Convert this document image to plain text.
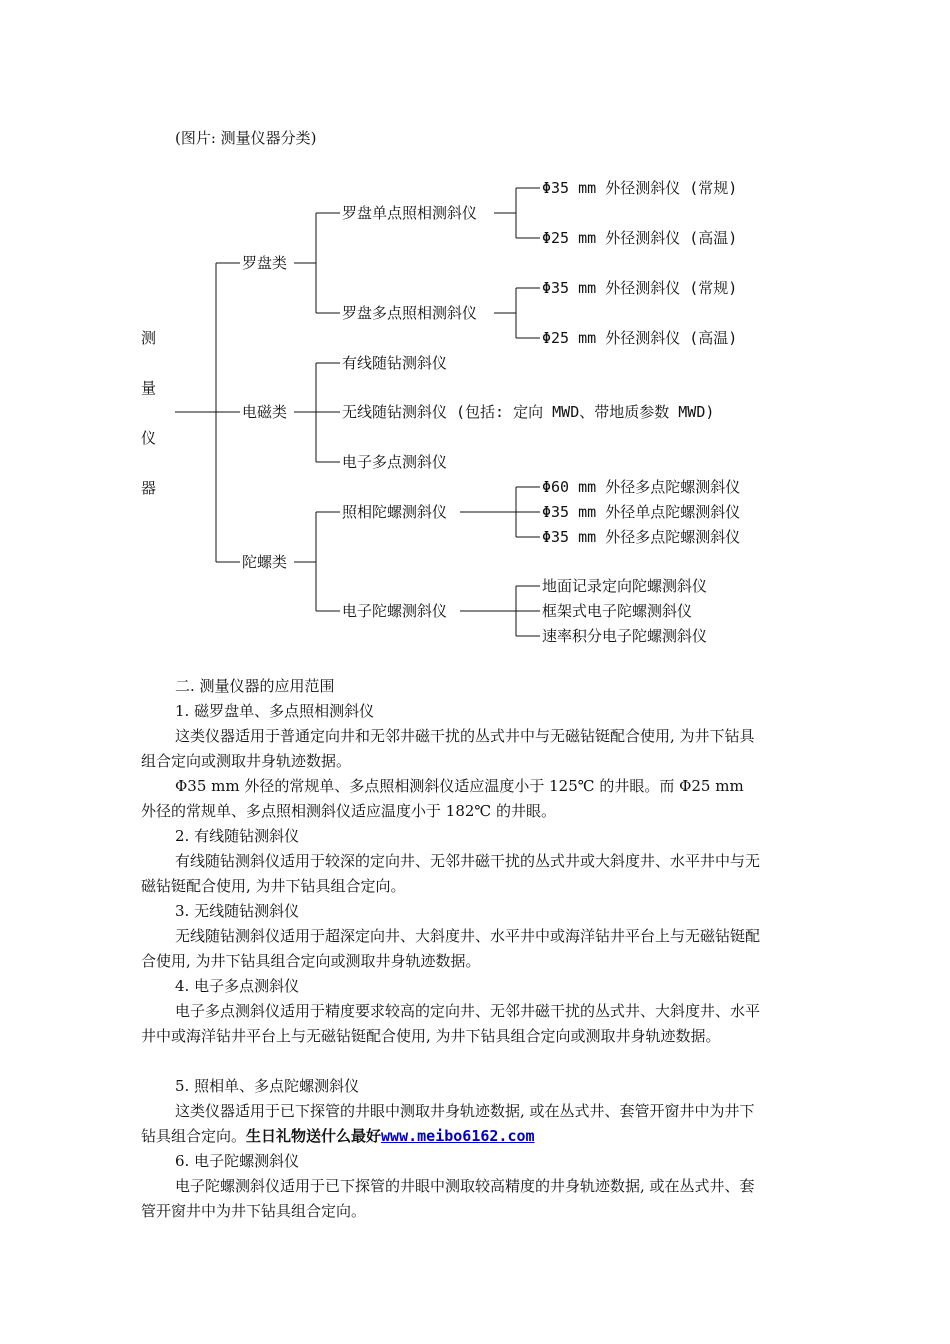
(图片: 测量仪器分类)
测
量
仪
器
罗盘类
电磁类
陀螺类
罗盘单点照相测斜仪
罗盘多点照相测斜仪
Φ35 mm 外径测斜仪 (常规)
Φ25 mm 外径测斜仪 (高温)
Φ35 mm 外径测斜仪 (常规)
Φ25 mm 外径测斜仪 (高温)
有线随钻测斜仪
无线随钻测斜仪 (包括: 定向 MWD、带地质参数 MWD)
电子多点测斜仪
照相陀螺测斜仪
电子陀螺测斜仪
Φ60 mm 外径多点陀螺测斜仪
Φ35 mm 外径单点陀螺测斜仪
Φ35 mm 外径多点陀螺测斜仪
地面记录定向陀螺测斜仪
框架式电子陀螺测斜仪
速率积分电子陀螺测斜仪
二. 测量仪器的应用范围
1. 磁罗盘单、多点照相测斜仪
这类仪器适用于普通定向井和无邻井磁干扰的丛式井中与无磁钻铤配合使用, 为井下钻具组合定向或测取井身轨迹数据。
Φ35 mm 外径的常规单、多点照相测斜仪适应温度小于 125℃ 的井眼。而 Φ25 mm 外径的常规单、多点照相测斜仪适应温度小于 182℃ 的井眼。
2. 有线随钻测斜仪
有线随钻测斜仪适用于较深的定向井、无邻井磁干扰的丛式井或大斜度井、水平井中与无磁钻铤配合使用, 为井下钻具组合定向。
3. 无线随钻测斜仪
无线随钻测斜仪适用于超深定向井、大斜度井、水平井中或海洋钻井平台上与无磁钻铤配合使用, 为井下钻具组合定向或测取井身轨迹数据。
4. 电子多点测斜仪
电子多点测斜仪适用于精度要求较高的定向井、无邻井磁干扰的丛式井、大斜度井、水平井中或海洋钻井平台上与无磁钻铤配合使用, 为井下钻具组合定向或测取井身轨迹数据。
5. 照相单、多点陀螺测斜仪
这类仪器适用于已下探管的井眼中测取井身轨迹数据, 或在丛式井、套管开窗井中为井下钻具组合定向。生日礼物送什么最好www.meibo6162.com
6. 电子陀螺测斜仪
电子陀螺测斜仪适用于已下探管的井眼中测取较高精度的井身轨迹数据, 或在丛式井、套管开窗井中为井下钻具组合定向。
